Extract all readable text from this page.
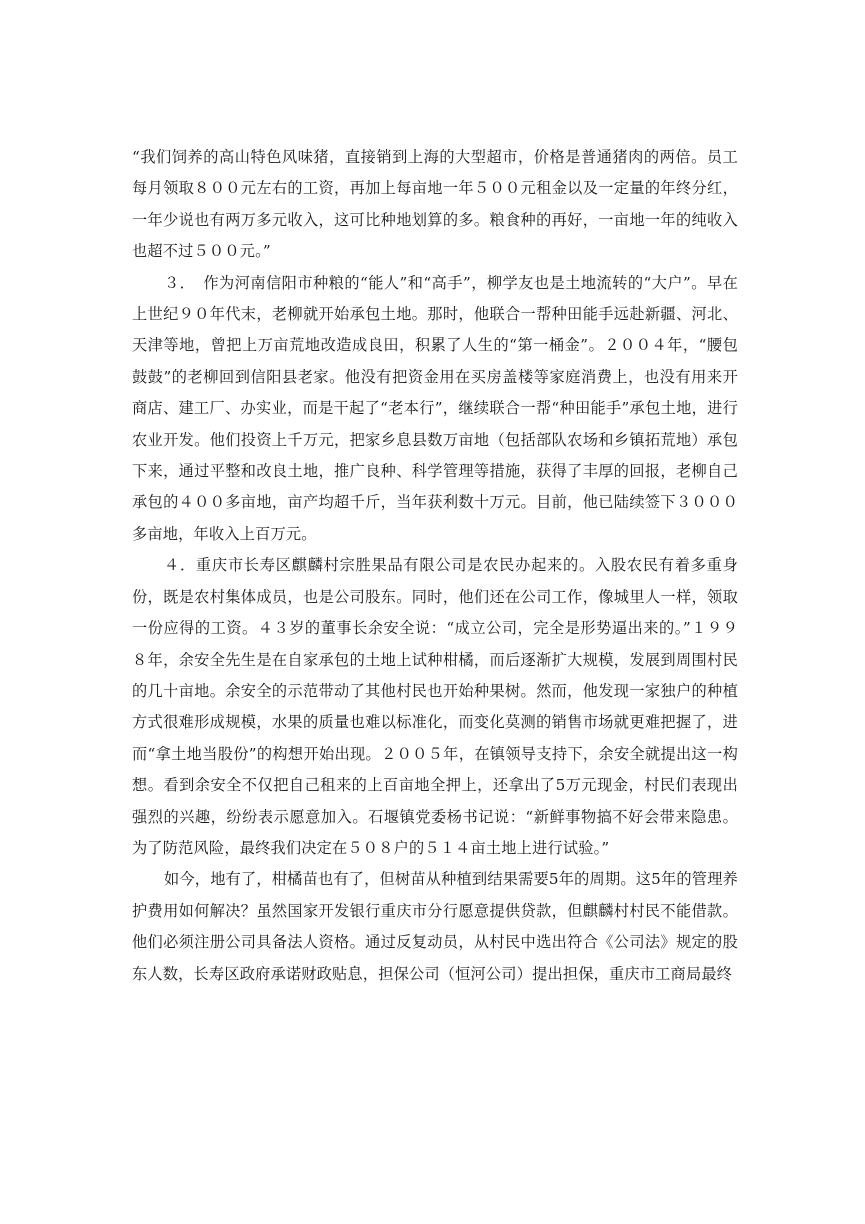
“我们饲养的高山特色风味猪，直接销到上海的大型超市，价格是普通猪肉的两倍。员工每月领取８００元左右的工资，再加上每亩地一年５００元租金以及一定量的年终分红，一年少说也有两万多元收入，这可比种地划算的多。粮食种的再好，一亩地一年的纯收入也超不过５００元。”

３．　作为河南信阳市种粮的“能人”和“高手”，柳学友也是土地流转的“大户”。早在上世纪９０年代末，老柳就开始承包土地。那时，他联合一帮种田能手远赴新疆、河北、天津等地，曾把上万亩荒地改造成良田，积累了人生的“第一桶金”。２００４年，“腰包鼓鼓”的老柳回到信阳县老家。他没有把资金用在买房盖楼等家庭消费上，也没有用来开商店、建工厂、办实业，而是干起了“老本行”，继续联合一帮“种田能手”承包土地，进行农业开发。他们投资上千万元，把家乡息县数万亩地（包括部队农场和乡镇拓荒地）承包下来，通过平整和改良土地，推广良种、科学管理等措施，获得了丰厚的回报，老柳自己承包的４００多亩地，亩产均超千斤，当年获利数十万元。目前，他已陆续签下３０００多亩地，年收入上百万元。

４．重庆市长寿区麒麟村宗胜果品有限公司是农民办起来的。入股农民有着多重身份，既是农村集体成员，也是公司股东。同时，他们还在公司工作，像城里人一样，领取一份应得的工资。４３岁的董事长余安全说：“成立公司，完全是形势逼出来的。”１９９８年，余安全先生是在自家承包的土地上试种柑橘，而后逐渐扩大规模，发展到周围村民的几十亩地。余安全的示范带动了其他村民也开始种果树。然而，他发现一家独户的种植方式很难形成规模，水果的质量也难以标准化，而变化莫测的销售市场就更难把握了，进而“拿土地当股份”的构想开始出现。２００５年，在镇领导支持下，余安全就提出这一构想。看到余安全不仅把自己租来的上百亩地全押上，还拿出了5万元现金，村民们表现出强烈的兴趣，纷纷表示愿意加入。石堰镇党委杨书记说：“新鲜事物搞不好会带来隐患。为了防范风险，最终我们决定在５０８户的５１４亩土地上进行试验。”

如今，地有了，柑橘苗也有了，但树苗从种植到结果需要5年的周期。这5年的管理养护费用如何解决？虽然国家开发银行重庆市分行愿意提供贷款，但麒麟村村民不能借款。他们必须注册公司具备法人资格。通过反复动员，从村民中选出符合《公司法》规定的股东人数，长寿区政府承诺财政贴息，担保公司（恒河公司）提出担保，重庆市工商局最终
